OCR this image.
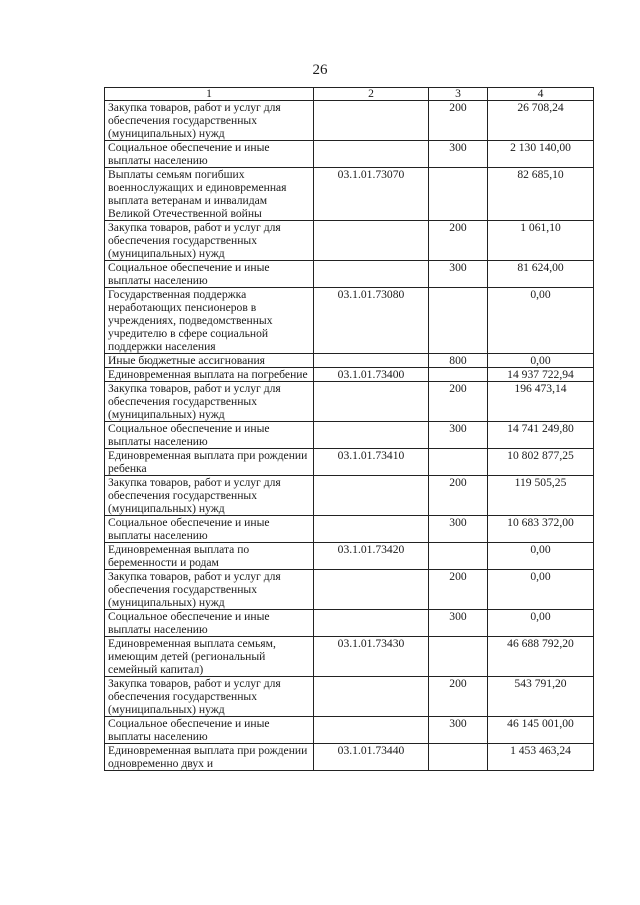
26
1	2	3	4
Закупка товаров, работ и услуг для обеспечения государственных (муниципальных) нужд		200	26 708,24
Социальное обеспечение и иные выплаты населению		300	2 130 140,00
Выплаты семьям погибших военнослужащих и единовременная выплата ветеранам и инвалидам Великой Отечественной войны	03.1.01.73070		82 685,10
Закупка товаров, работ и услуг для обеспечения государственных (муниципальных) нужд		200	1 061,10
Социальное обеспечение и иные выплаты населению		300	81 624,00
Государственная поддержка неработающих пенсионеров в учреждениях, подведомственных учредителю в сфере социальной поддержки населения	03.1.01.73080		0,00
Иные бюджетные ассигнования		800	0,00
Единовременная выплата на погребение	03.1.01.73400		14 937 722,94
Закупка товаров, работ и услуг для обеспечения государственных (муниципальных) нужд		200	196 473,14
Социальное обеспечение и иные выплаты населению		300	14 741 249,80
Единовременная выплата при рождении ребенка	03.1.01.73410		10 802 877,25
Закупка товаров, работ и услуг для обеспечения государственных (муниципальных) нужд		200	119 505,25
Социальное обеспечение и иные выплаты населению		300	10 683 372,00
Единовременная выплата по беременности и родам	03.1.01.73420		0,00
Закупка товаров, работ и услуг для обеспечения государственных (муниципальных) нужд		200	0,00
Социальное обеспечение и иные выплаты населению		300	0,00
Единовременная выплата семьям, имеющим детей (региональный семейный капитал)	03.1.01.73430		46 688 792,20
Закупка товаров, работ и услуг для обеспечения государственных (муниципальных) нужд		200	543 791,20
Социальное обеспечение и иные выплаты населению		300	46 145 001,00
Единовременная выплата при рождении одновременно двух и	03.1.01.73440		1 453 463,24
